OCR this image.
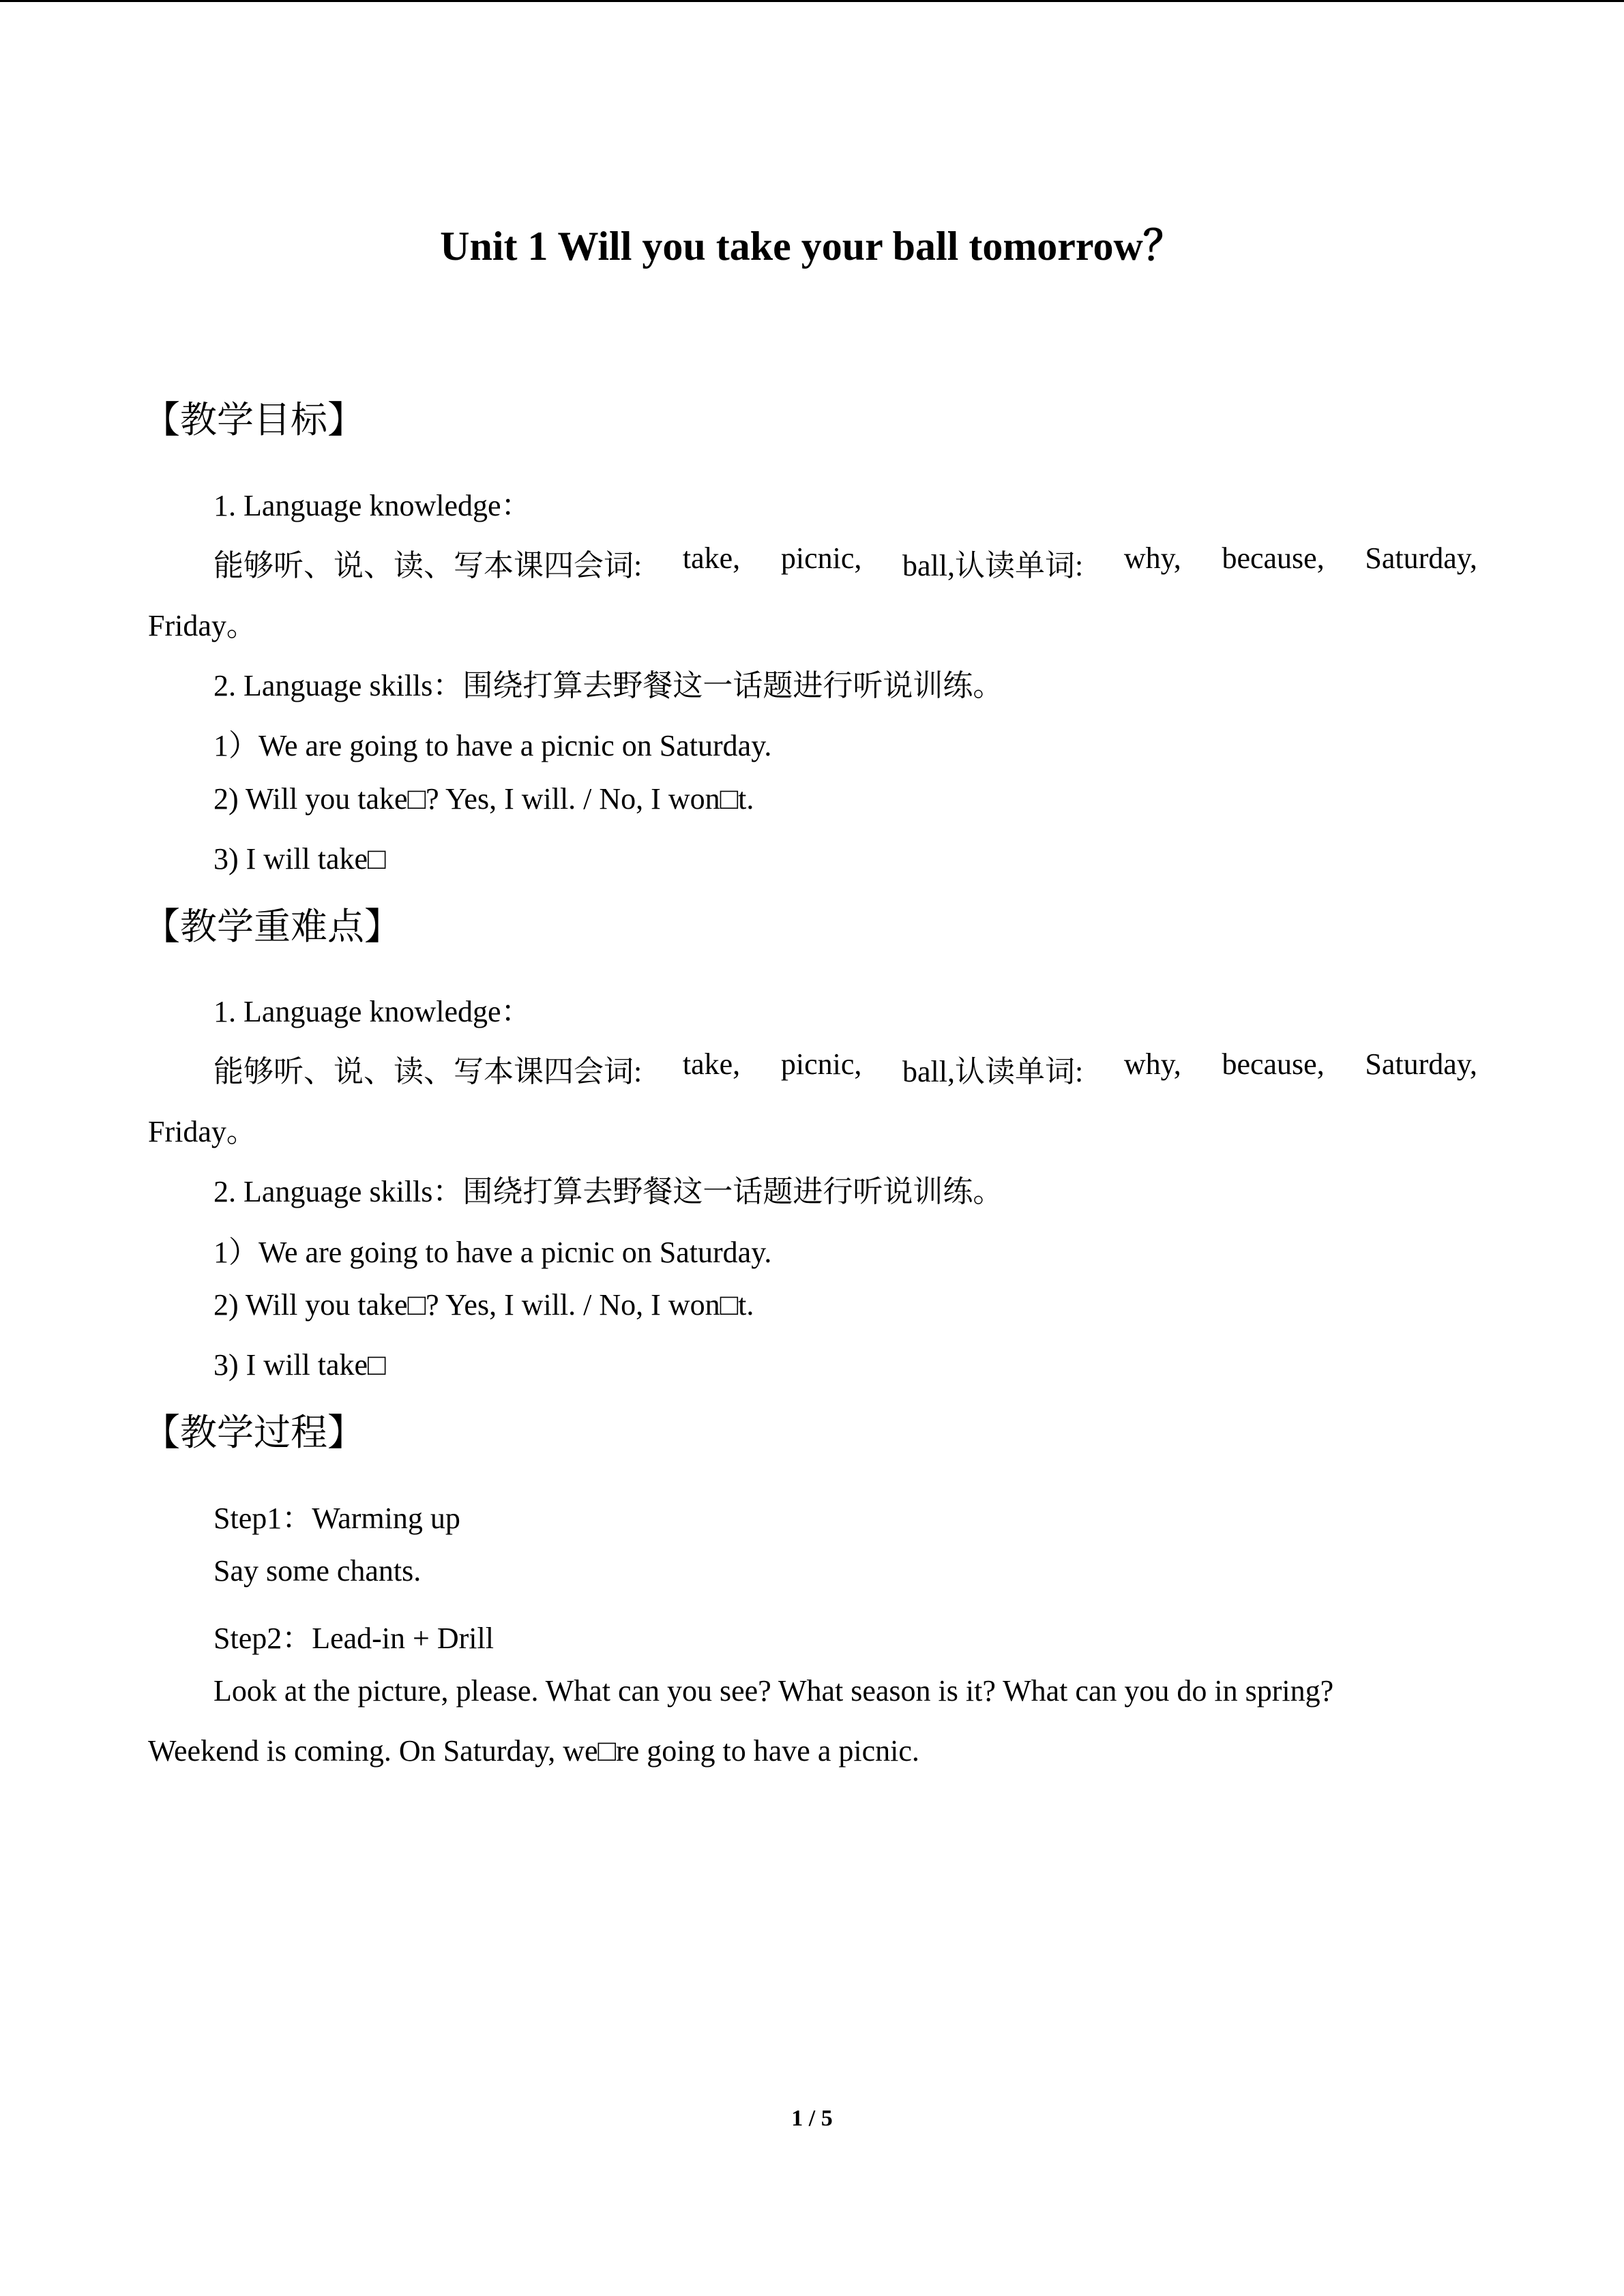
Unit 1 Will you take your ball tomorrow？
【教学目标】

1. Language knowledge：

能够听、说、读、写本课四会词: take, picnic, ball,认读单词: why, because, Saturday,

Friday。

2. Language skills：围绕打算去野餐这一话题进行听说训练。

1）We are going to have a picnic on Saturday.

2) Will you take□? Yes, I will. / No, I won□t.

3) I will take□

【教学重难点】

1. Language knowledge：

能够听、说、读、写本课四会词: take, picnic, ball,认读单词: why, because, Saturday,

Friday。

2. Language skills：围绕打算去野餐这一话题进行听说训练。

1）We are going to have a picnic on Saturday.

2) Will you take□? Yes, I will. / No, I won□t.

3) I will take□

【教学过程】

Step1：Warming up

Say some chants.

Step2：Lead-in + Drill

Look at the picture, please. What can you see? What season is it? What can you do in spring?

Weekend is coming. On Saturday, we□re going to have a picnic.

1 / 5
